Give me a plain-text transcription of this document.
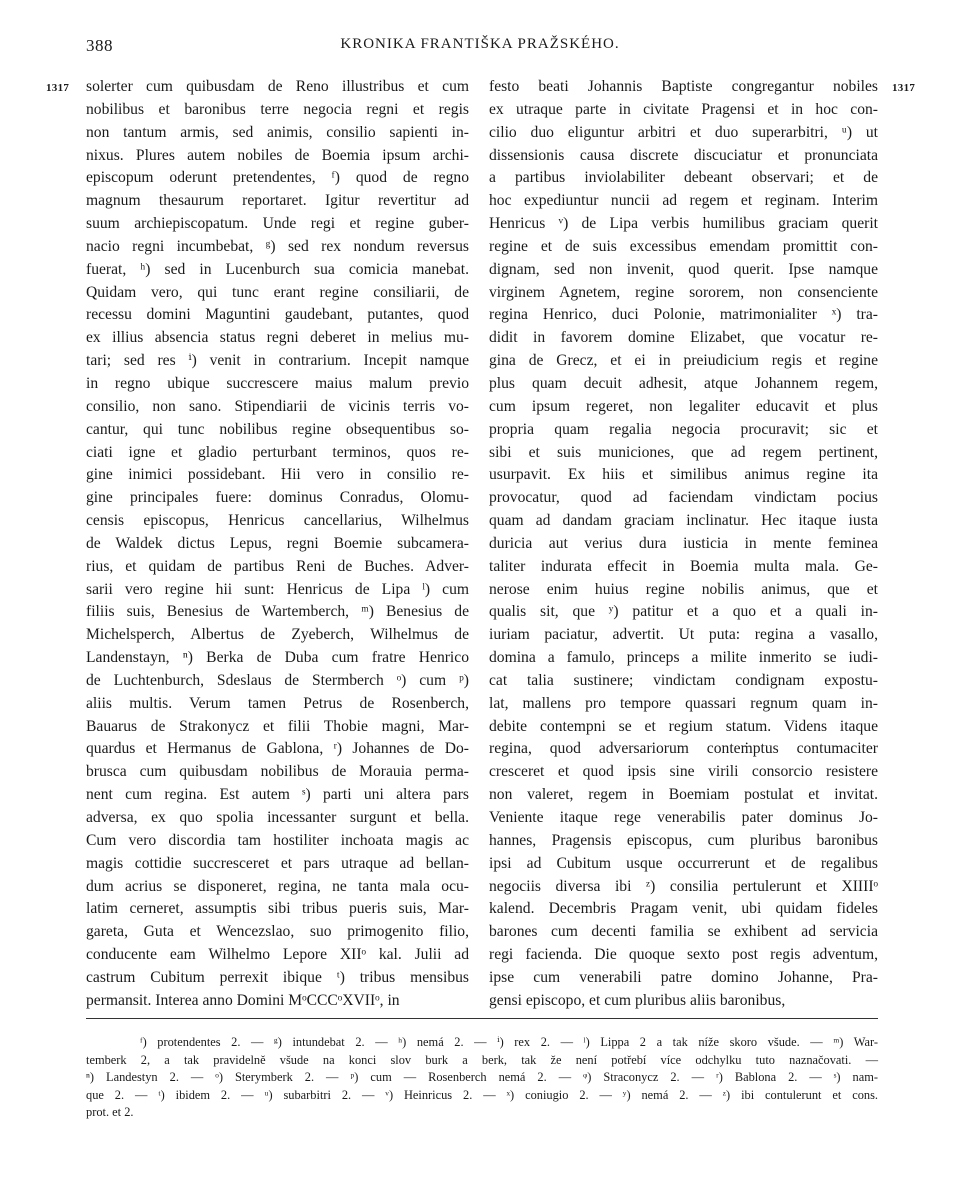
388	KRONIKA FRANTIŠKA PRAŽSKÉHO.
1317	1317
solerter cum quibusdam de Reno illustribus et cum
nobilibus et baronibus terre negocia regni et regis
non tantum armis, sed animis, consilio sapienti in-
nixus. Plures autem nobiles de Boemia ipsum archi-
episcopum oderunt pretendentes, ᶠ) quod de regno
magnum thesaurum reportaret. Igitur revertitur ad
suum archiepiscopatum. Unde regi et regine guber-
nacio regni incumbebat, ᵍ) sed rex nondum reversus
fuerat, ʰ) sed in Lucenburch sua comicia manebat.
Quidam vero, qui tunc erant regine consiliarii, de
recessu domini Maguntini gaudebant, putantes, quod
ex illius absencia status regni deberet in melius mu-
tari; sed res ⁱ) venit in contrarium. Incepit namque
in regno ubique succrescere maius malum previo
consilio, non sano. Stipendiarii de vicinis terris vo-
cantur, qui tunc nobilibus regine obsequentibus so-
ciati igne et gladio perturbant terminos, quos re-
gine inimici possidebant. Hii vero in consilio re-
gine principales fuere: dominus Conradus, Olomu-
censis episcopus, Henricus cancellarius, Wilhelmus
de Waldek dictus Lepus, regni Boemie subcamera-
rius, et quidam de partibus Reni de Buches. Adver-
sarii vero regine hii sunt: Henricus de Lipa ˡ) cum
filiis suis, Benesius de Wartemberch, ᵐ) Benesius de
Michelsperch, Albertus de Zyeberch, Wilhelmus de
Landenstayn, ⁿ) Berka de Duba cum fratre Henrico
de Luchtenburch, Sdeslaus de Stermberch ᵒ) cum ᵖ)
aliis multis. Verum tamen Petrus de Rosenberch,
Bauarus de Strakonycz et filii Thobie magni, Mar-
quardus et Hermanus de Gablona, ʳ) Johannes de Do-
brusca cum quibusdam nobilibus de Morauia perma-
nent cum regina. Est autem ˢ) parti uni altera pars
adversa, ex quo spolia incessanter surgunt et bella.
Cum vero discordia tam hostiliter inchoata magis ac
magis cottidie succresceret et pars utraque ad bellan-
dum acrius se disponeret, regina, ne tanta mala ocu-
latim cerneret, assumptis sibi tribus pueris suis, Mar-
gareta, Guta et Wencezslao, suo primogenito filio,
conducente eam Wilhelmo Lepore XIIᵒ kal. Julii ad
castrum Cubitum perrexit ibique ᵗ) tribus mensibus
permansit. Interea anno Domini MᵒCCCᵒXVIIᵒ, in
festo beati Johannis Baptiste congregantur nobiles
ex utraque parte in civitate Pragensi et in hoc con-
cilio duo eliguntur arbitri et duo superarbitri, ᵘ) ut
dissensionis causa discrete discuciatur et pronunciata
a partibus inviolabiliter debeant observari; et de
hoc expediuntur nuncii ad regem et reginam. Interim
Henricus ᵛ) de Lipa verbis humilibus graciam querit
regine et de suis excessibus emendam promittit con-
dignam, sed non invenit, quod querit. Ipse namque
virginem Agnetem, regine sororem, non consenciente
regina Henrico, duci Polonie, matrimonialiter ˣ) tra-
didit in favorem domine Elizabet, que vocatur re-
gina de Grecz, et ei in preiudicium regis et regine
plus quam decuit adhesit, atque Johannem regem,
cum ipsum regeret, non legaliter educavit et plus
propria quam regalia negocia procuravit; sic et
sibi et suis municiones, que ad regem pertinent,
usurpavit. Ex hiis et similibus animus regine ita
provocatur, quod ad faciendam vindictam pocius
quam ad dandam graciam inclinatur. Hec itaque iusta
duricia aut verius dura iusticia in mente feminea
taliter indurata effecit in Boemia multa mala. Ge-
nerose enim huius regine nobilis animus, que et
qualis sit, que ʸ) patitur et a quo et a quali in-
iuriam paciatur, advertit. Ut puta: regina a vasallo,
domina a famulo, princeps a milite inmerito se iudi-
cat talia sustinere; vindictam condignam expostu-
lat, mallens pro tempore quassari regnum quam in-
debite contempni se et regium statum. Videns itaque
regina, quod adversariorum conteṁptus contumaciter
cresceret et quod ipsis sine virili consorcio resistere
non valeret, regem in Boemiam postulat et invitat.
Veniente itaque rege venerabilis pater dominus Jo-
hannes, Pragensis episcopus, cum pluribus baronibus
ipsi ad Cubitum usque occurrerunt et de regalibus
negociis diversa ibi ᶻ) consilia pertulerunt et XIIIIᵒ
kalend. Decembris Pragam venit, ubi quidam fideles
barones cum decenti familia se exhibent ad servicia
regi facienda. Die quoque sexto post regis adventum,
ipse cum venerabili patre domino Johanne, Pra-
gensi episcopo, et cum pluribus aliis baronibus,
ᶠ) protendentes 2. — ᵍ) intundebat 2. — ʰ) nemá 2. — ⁱ) rex 2. — ˡ) Lippa 2 a tak níže skoro všude. — ᵐ) War-
temberk 2, a tak pravidelně všude na konci slov burk a berk, tak že není potřebí více odchylku tuto naznačovati. —
ⁿ) Landestyn 2. — ᵒ) Sterymberk 2. — ᵖ) cum — Rosenberch nemá 2. — ᵠ) Straconycz 2. — ʳ) Bablona 2. — ˢ) nam-
que 2. — ᵗ) ibidem 2. — ᵘ) subarbitri 2. — ᵛ) Heinricus 2. — ˣ) coniugio 2. — ʸ) nemá 2. — ᶻ) ibi contulerunt et cons.
prot. et 2.
